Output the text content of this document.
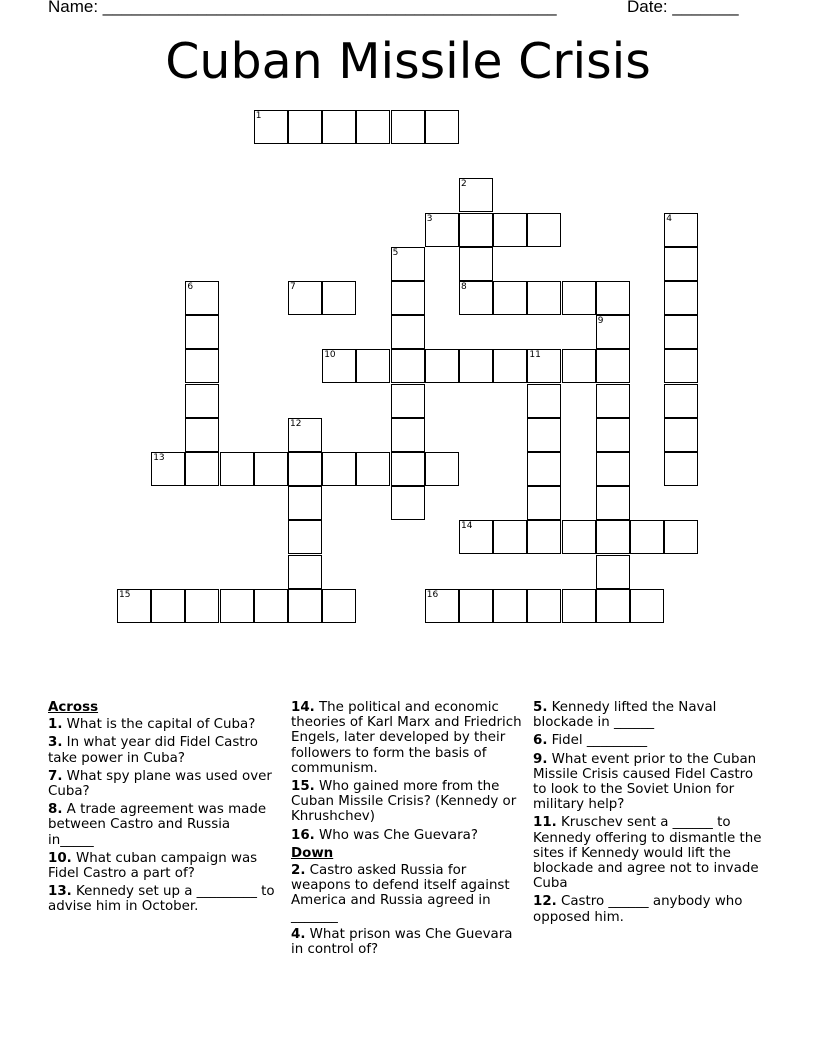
Name: ________________________________________________	Date: _______
Cuban Missile Crisis
1
2
8
3	4
5
6	7
9
10	11
12
13
14
15	16
Across
1. What is the capital of Cuba?
3. In what year did Fidel Castro take power in Cuba?
7. What spy plane was used over Cuba?
8. A trade agreement was made between Castro and Russia in_____
10. What cuban campaign was Fidel Castro a part of?
13. Kennedy set up a _________ to advise him in October.
14. The political and economic theories of Karl Marx and Friedrich Engels, later developed by their followers to form the basis of communism.
15. Who gained more from the Cuban Missile Crisis? (Kennedy or Khrushchev)
16. Who was Che Guevara?
Down
2. Castro asked Russia for weapons to defend itself against America and Russia agreed in _______
4. What prison was Che Guevara in control of?
5. Kennedy lifted the Naval blockade in ______
6. Fidel _________
9. What event prior to the Cuban Missile Crisis caused Fidel Castro to look to the Soviet Union for military help?
11. Kruschev sent a ______ to Kennedy offering to dismantle the sites if Kennedy would lift the blockade and agree not to invade Cuba
12. Castro ______ anybody who opposed him.
